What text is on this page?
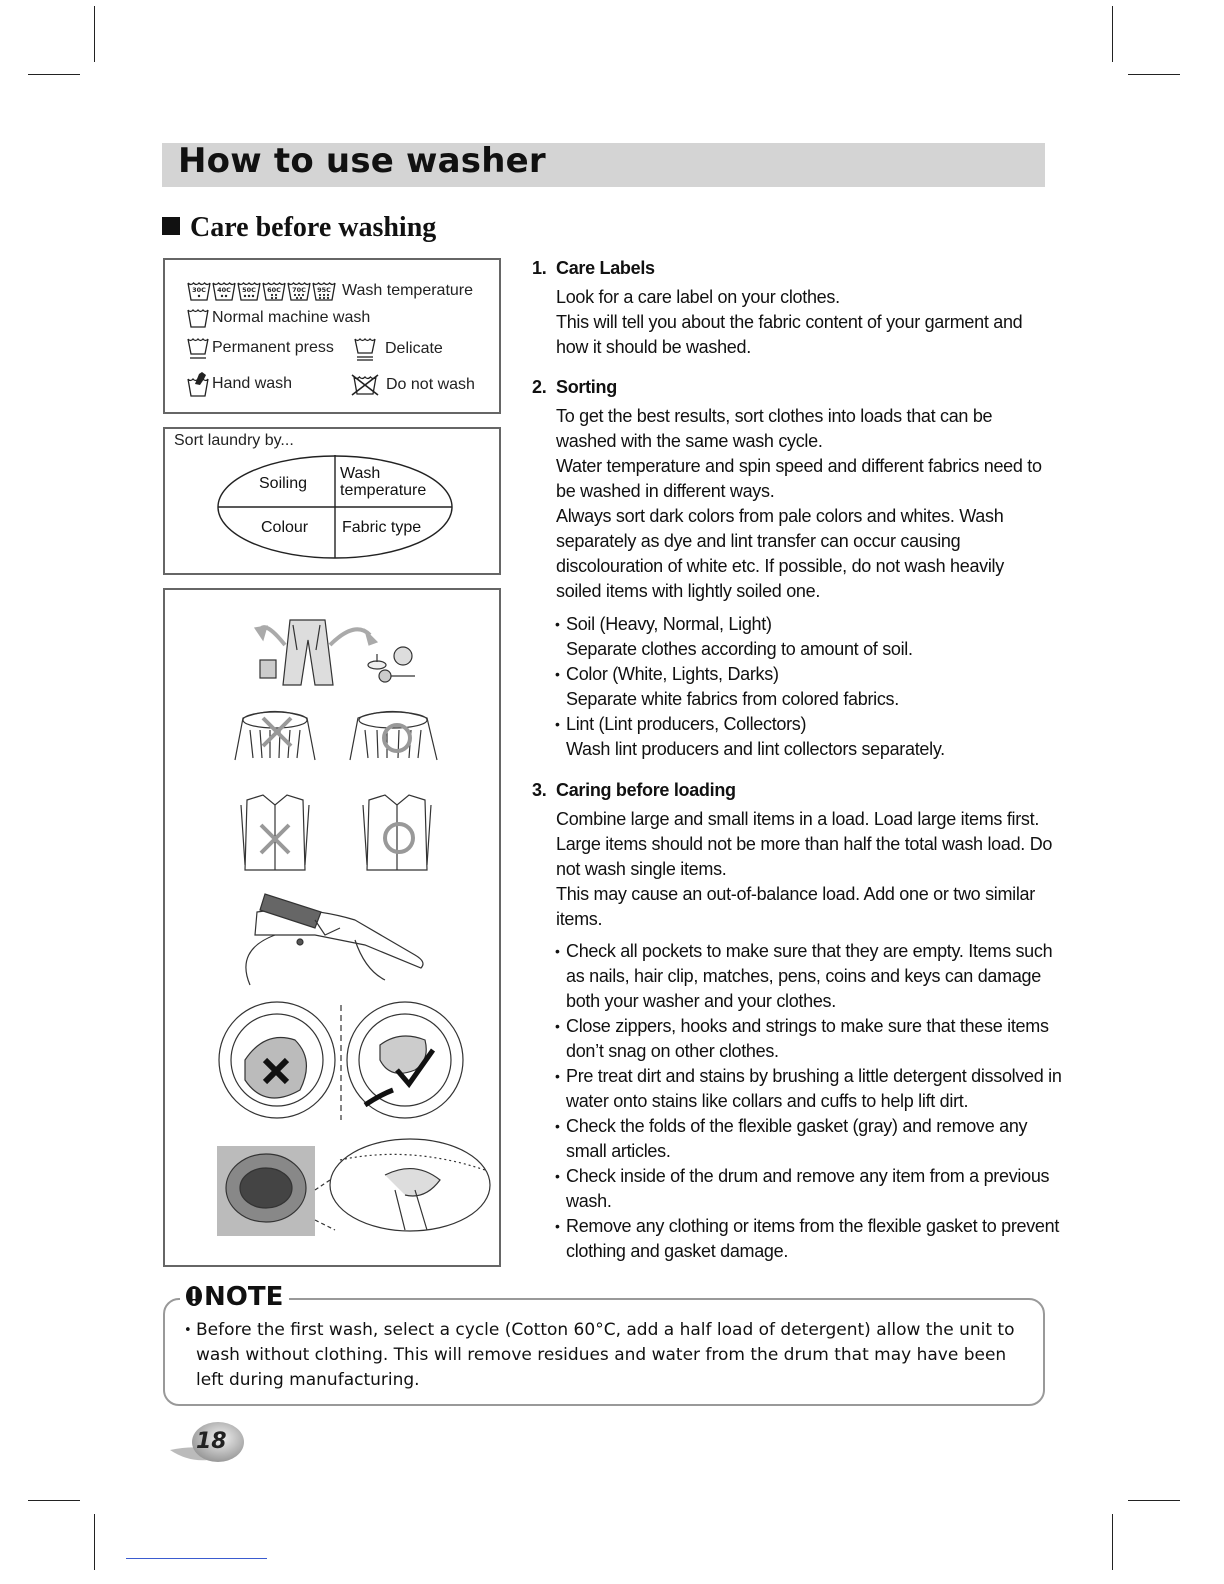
How to use washer
Care before washing
30C 40C 50C 60C 70C 95C Wash temperature
Normal machine wash
Permanent press	Delicate
Hand wash	Do not wash
Sort laundry by...
Soiling
Wash
temperature
Colour Fabric type
1. Care Labels
Look for a care label on your clothes.
This will tell you about the fabric content of your garment and
how it should be washed.
2. Sorting
To get the best results, sort clothes into loads that can be
washed with the same wash cycle.
Water temperature and spin speed and different fabrics need to
be washed in different ways.
Always sort dark colors from pale colors and whites. Wash
separately as dye and lint transfer can occur causing
discolouration of white etc. If possible, do not wash heavily
soiled items with lightly soiled one.
• Soil (Heavy, Normal, Light)
Separate clothes according to amount of soil.
• Color (White, Lights, Darks)
Separate white fabrics from colored fabrics.
• Lint (Lint producers, Collectors)
Wash lint producers and lint collectors separately.
3. Caring before loading
Combine large and small items in a load. Load large items first.
Large items should not be more than half the total wash load. Do
not wash single items.
This may cause an out-of-balance load. Add one or two similar
items.
• Check all pockets to make sure that they are empty. Items such
as nails, hair clip, matches, pens, coins and keys can damage
both your washer and your clothes.
• Close zippers, hooks and strings to make sure that these items
don’t snag on other clothes.
• Pre treat dirt and stains by brushing a little detergent dissolved in
water onto stains like collars and cuffs to help lift dirt.
• Check the folds of the flexible gasket (gray) and remove any
small articles.
• Check inside of the drum and remove any item from a previous
wash.
• Remove any clothing or items from the flexible gasket to prevent
clothing and gasket damage.
NOTE
• Before the first wash, select a cycle (Cotton 60°C, add a half load of detergent) allow the unit to
wash without clothing. This will remove residues and water from the drum that may have been
left during manufacturing.
18
